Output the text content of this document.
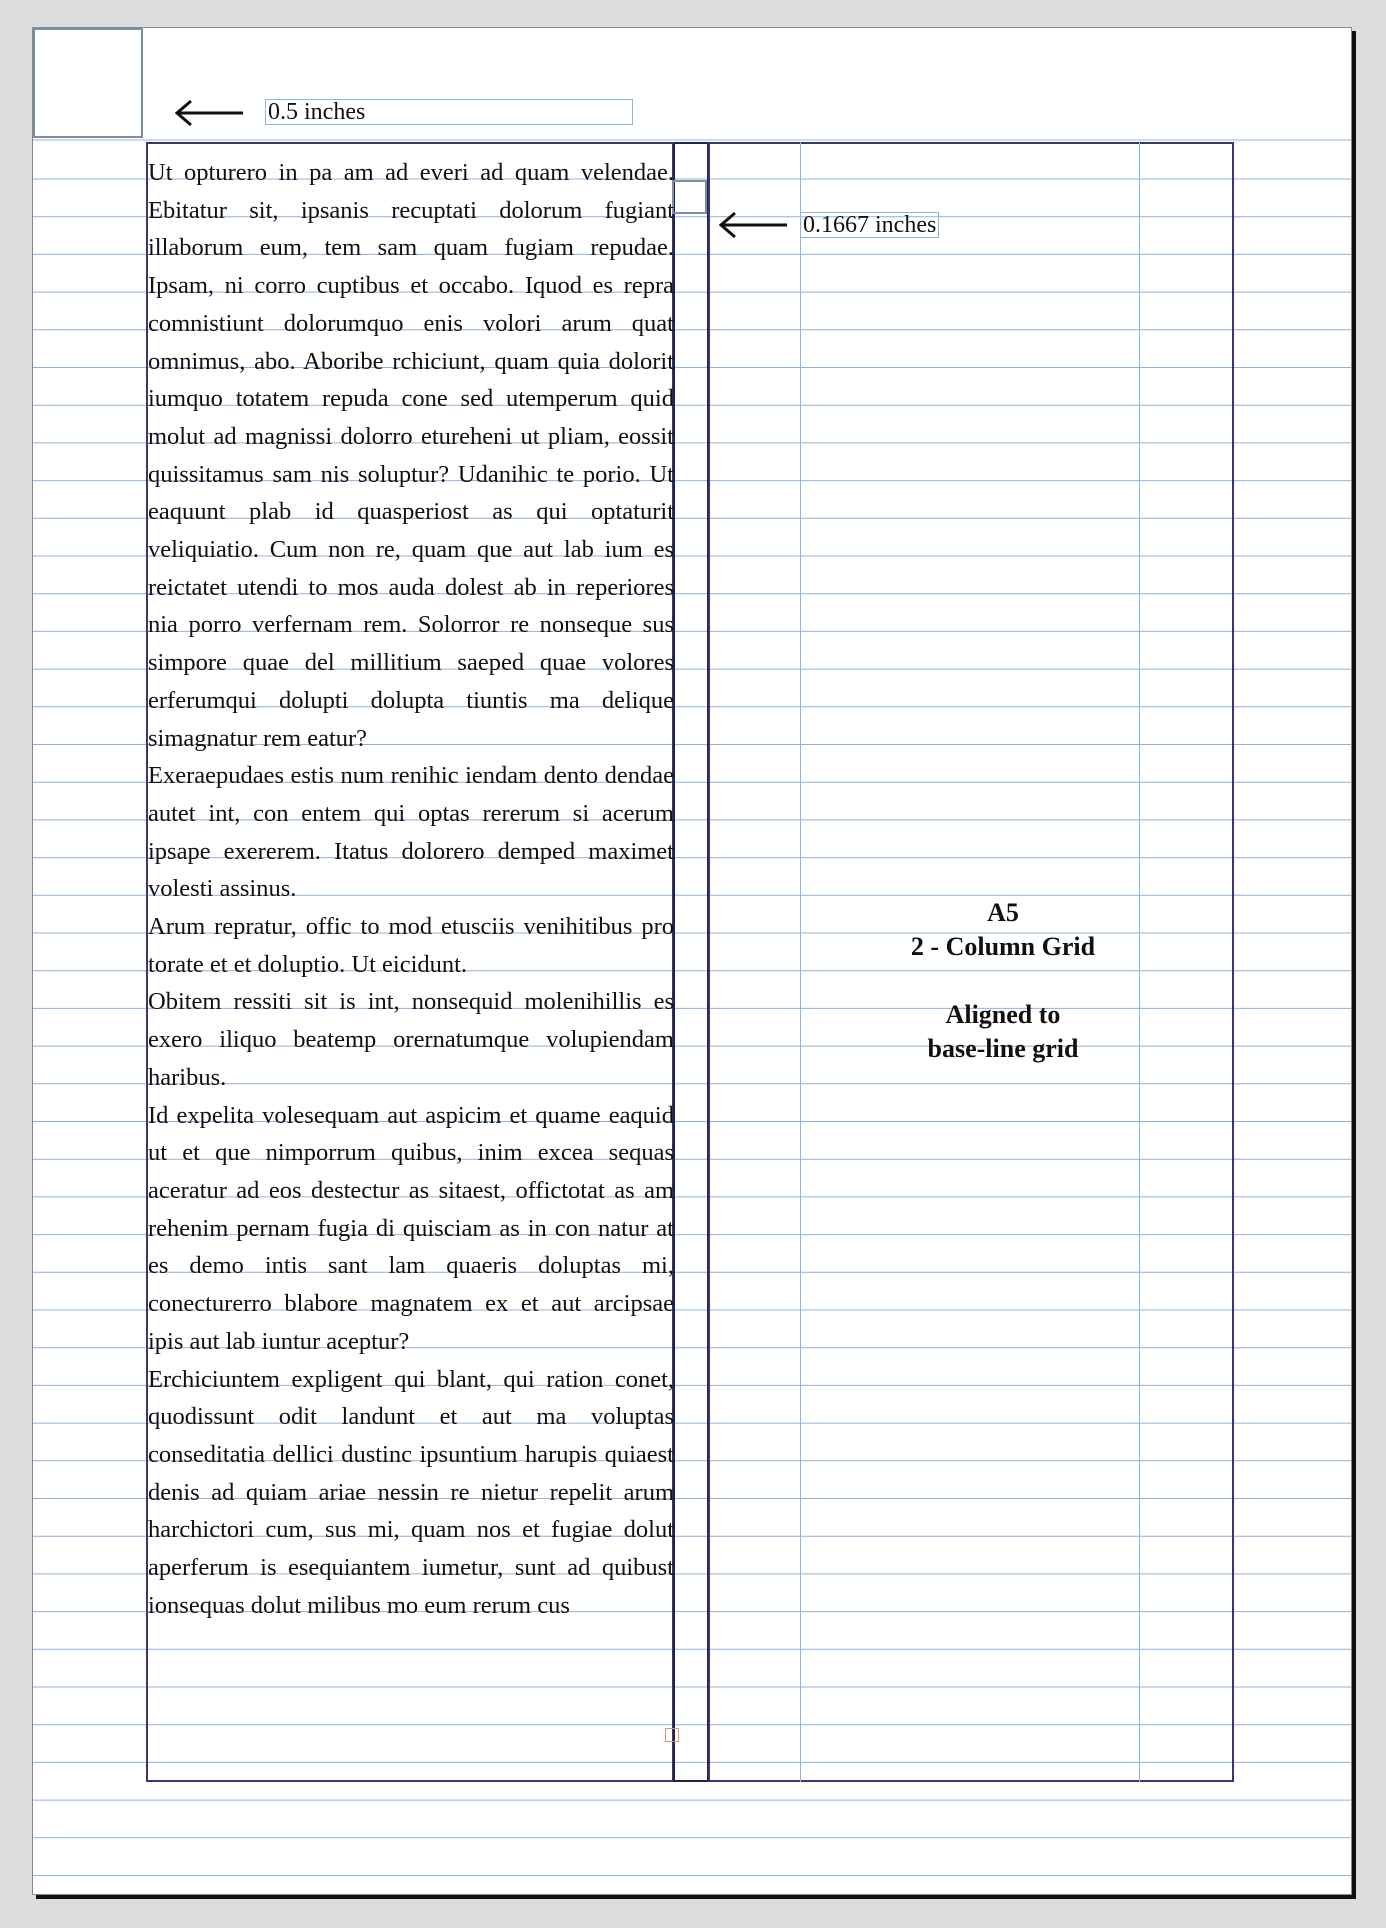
0.5 inches
0.1667 inches

Ut opturero in pa am ad everi ad quam velendae. Ebitatur sit, ipsanis recuptati dolorum fugiant illaborum eum, tem sam quam fugiam repudae. Ipsam, ni corro cuptibus et occabo. Iquod es repra comnistiunt dolorumquo enis volori arum quat omnimus, abo. Aboribe rchiciunt, quam quia dolorit iumquo totatem repuda cone sed utemperum quid molut ad magnissi dolorro etureheni ut pliam, eossit quissitamus sam nis soluptur? Udanihic te porio. Ut eaquunt plab id quasperiost as qui optaturit veliquiatio. Cum non re, quam que aut lab ium es reictatet utendi to mos auda dolest ab in reperiores nia porro verfernam rem. Solorror re nonseque sus simpore quae del millitium saeped quae volores erferumqui dolupti dolupta tiuntis ma delique simagnatur rem eatur?

Exeraepudaes estis num renihic iendam dento dendae autet int, con entem qui optas rererum si acerum ipsape exererem. Itatus dolorero demped maximet volesti assinus.

Arum repratur, offic to mod etusciis venihitibus pro torate et et doluptio. Ut eicidunt.

Obitem ressiti sit is int, nonsequid molenihillis es exero iliquo beatemp orernatumque volupiendam haribus.

Id expelita volesequam aut aspicim et quame eaquid ut et que nimporrum quibus, inim excea sequas aceratur ad eos destectur as sitaest, offictotat as am rehenim pernam fugia di quisciam as in con natur at es demo intis sant lam quaeris doluptas mi, conecturerro blabore magnatem ex et aut arcipsae ipis aut lab iuntur aceptur?

Erchiciuntem expligent qui blant, qui ration conet, quodissunt odit landunt et aut ma voluptas conseditatia dellici dustinc ipsuntium harupis quiaest denis ad quiam ariae nessin re nietur repelit arum harchictori cum, sus mi, quam nos et fugiae dolut aperferum is esequiantem iumetur, sunt ad quibust ionsequas dolut milibus mo eum rerum cus

A5
2 - Column Grid
Aligned to
base-line grid
